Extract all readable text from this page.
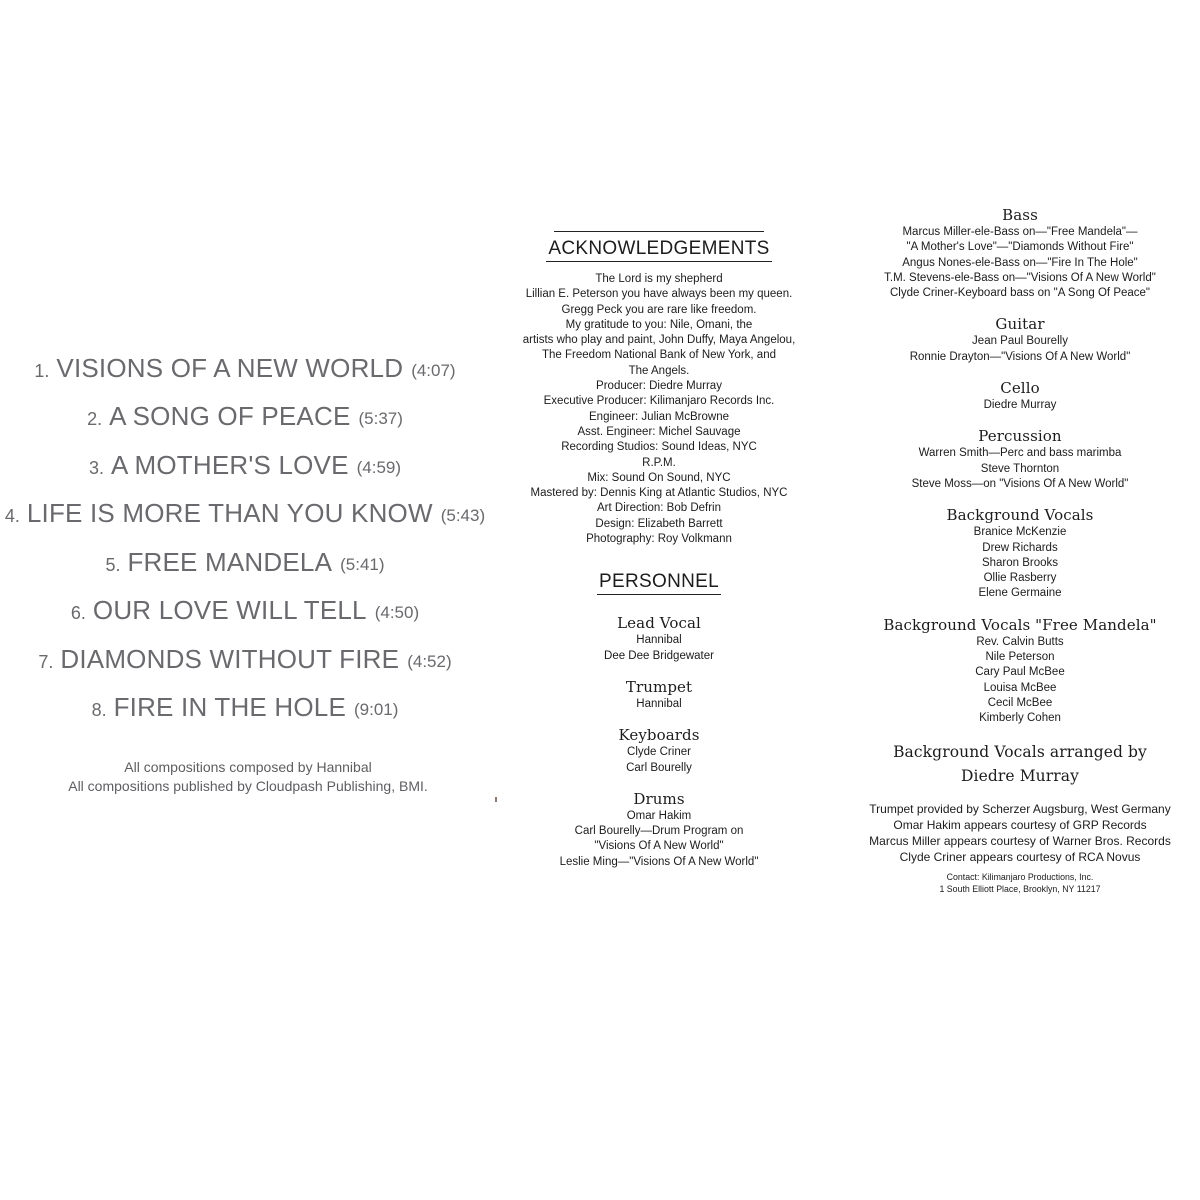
1. VISIONS OF A NEW WORLD (4:07)
2. A SONG OF PEACE (5:37)
3. A MOTHER'S LOVE (4:59)
4. LIFE IS MORE THAN YOU KNOW (5:43)
5. FREE MANDELA (5:41)
6. OUR LOVE WILL TELL (4:50)
7. DIAMONDS WITHOUT FIRE (4:52)
8. FIRE IN THE HOLE (9:01)
All compositions composed by Hannibal
All compositions published by Cloudpash Publishing, BMI.
ACKNOWLEDGEMENTS
The Lord is my shepherd
Lillian E. Peterson you have always been my queen.
Gregg Peck you are rare like freedom.
My gratitude to you: Nile, Omani, the
artists who play and paint, John Duffy, Maya Angelou,
The Freedom National Bank of New York, and
The Angels.
Producer: Diedre Murray
Executive Producer: Kilimanjaro Records Inc.
Engineer: Julian McBrowne
Asst. Engineer: Michel Sauvage
Recording Studios: Sound Ideas, NYC
R.P.M.
Mix: Sound On Sound, NYC
Mastered by: Dennis King at Atlantic Studios, NYC
Art Direction: Bob Defrin
Design: Elizabeth Barrett
Photography: Roy Volkmann
PERSONNEL
Lead Vocal
Hannibal
Dee Dee Bridgewater
Trumpet
Hannibal
Keyboards
Clyde Criner
Carl Bourelly
Drums
Omar Hakim
Carl Bourelly—Drum Program on
"Visions Of A New World"
Leslie Ming—"Visions Of A New World"
Bass
Marcus Miller-ele-Bass on—"Free Mandela"—
"A Mother's Love"—"Diamonds Without Fire"
Angus Nones-ele-Bass on—"Fire In The Hole"
T.M. Stevens-ele-Bass on—"Visions Of A New World"
Clyde Criner-Keyboard bass on "A Song Of Peace"
Guitar
Jean Paul Bourelly
Ronnie Drayton—"Visions Of A New World"
Cello
Diedre Murray
Percussion
Warren Smith—Perc and bass marimba
Steve Thornton
Steve Moss—on "Visions Of A New World"
Background Vocals
Branice McKenzie
Drew Richards
Sharon Brooks
Ollie Rasberry
Elene Germaine
Background Vocals "Free Mandela"
Rev. Calvin Butts
Nile Peterson
Cary Paul McBee
Louisa McBee
Cecil McBee
Kimberly Cohen
Background Vocals arranged by
Diedre Murray
Trumpet provided by Scherzer Augsburg, West Germany
Omar Hakim appears courtesy of GRP Records
Marcus Miller appears courtesy of Warner Bros. Records
Clyde Criner appears courtesy of RCA Novus
Contact: Kilimanjaro Productions, Inc.
1 South Elliott Place, Brooklyn, NY 11217
